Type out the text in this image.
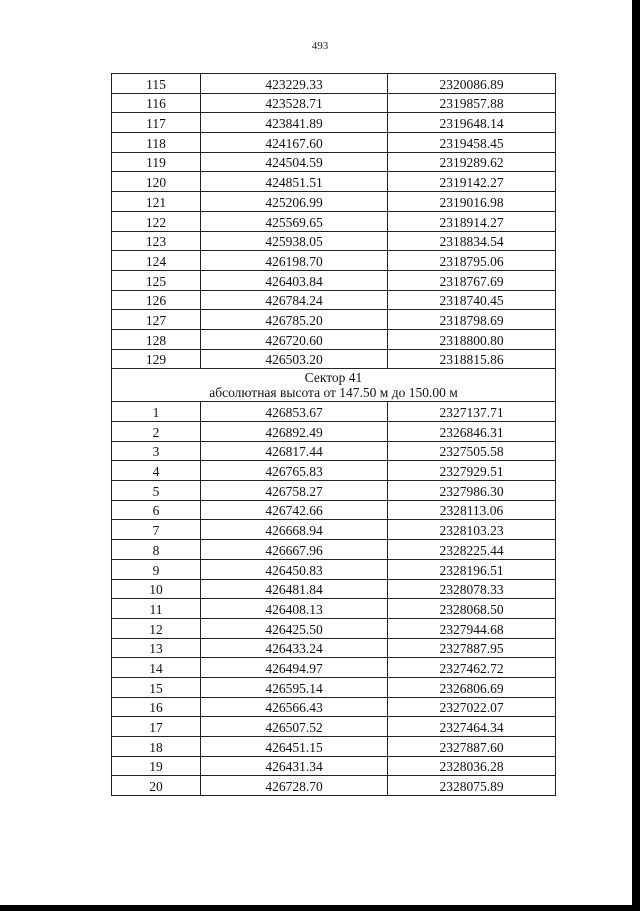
493
115	423229.33	2320086.89
116	423528.71	2319857.88
117	423841.89	2319648.14
118	424167.60	2319458.45
119	424504.59	2319289.62
120	424851.51	2319142.27
121	425206.99	2319016.98
122	425569.65	2318914.27
123	425938.05	2318834.54
124	426198.70	2318795.06
125	426403.84	2318767.69
126	426784.24	2318740.45
127	426785.20	2318798.69
128	426720.60	2318800.80
129	426503.20	2318815.86

Сектор 41
абсолютная высота от 147.50 м до 150.00 м		

1	426853.67	2327137.71
2	426892.49	2326846.31
3	426817.44	2327505.58
4	426765.83	2327929.51
5	426758.27	2327986.30
6	426742.66	2328113.06
7	426668.94	2328103.23
8	426667.96	2328225.44
9	426450.83	2328196.51
10	426481.84	2328078.33
11	426408.13	2328068.50
12	426425.50	2327944.68
13	426433.24	2327887.95
14	426494.97	2327462.72
15	426595.14	2326806.69
16	426566.43	2327022.07
17	426507.52	2327464.34
18	426451.15	2327887.60
19	426431.34	2328036.28
20	426728.70	2328075.89
